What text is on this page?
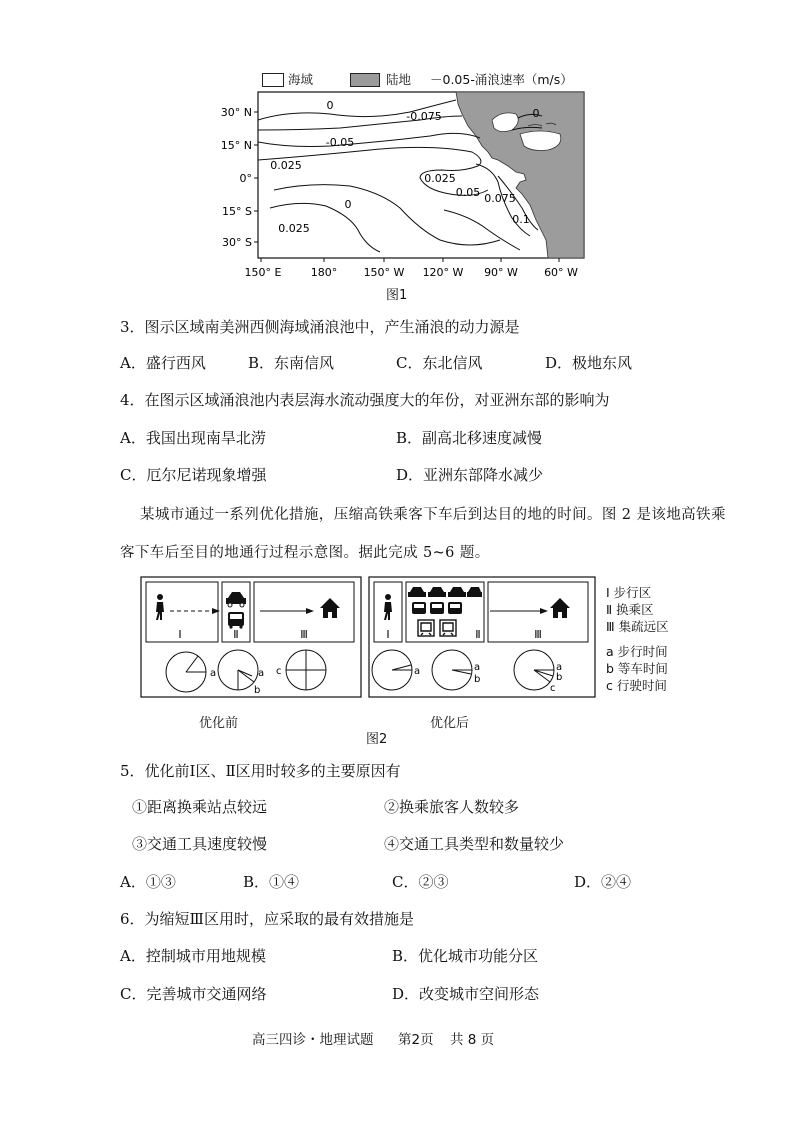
海域	陆地 －0.05-涌浪速率（m/s）
0
-0.075	0
-0.05
0.025
0.025
0.05
0	0.075
0.1
0.025
30° N
15° N
0°
15° S
30° S
150° E	180° 150° W 120° W 90° W 60° W
图1
3．图示区域南美洲西侧海域涌浪池中，产生涌浪的动力源是
A．盛行西风	B．东南信风	C．东北信风	D．极地东风
4．在图示区域涌浪池内表层海水流动强度大的年份，对亚洲东部的影响为
A．我国出现南旱北涝	B．副高北移速度减慢
C．厄尔尼诺现象增强	D．亚洲东部降水减少
某城市通过一系列优化措施，压缩高铁乘客下车后到达目的地的时间。图 2 是该地高铁乘
客下车后至目的地通行过程示意图。据此完成 5~6 题。
Ⅰ	Ⅱ	Ⅲ
a	a
b
c
Ⅰ	Ⅱ	Ⅲ
a	a
b
a
b
c
Ⅰ 步行区
Ⅱ 换乘区
Ⅲ 集疏远区
a 步行时间
b 等车时间
c 行驶时间
优化前	优化后
图2
5．优化前Ⅰ区、Ⅱ区用时较多的主要原因有
①距离换乘站点较远	②换乘旅客人数较多
③交通工具速度较慢	④交通工具类型和数量较少
A．①③	B．①④	C．②③	D．②④
6．为缩短Ⅲ区用时，应采取的最有效措施是
A．控制城市用地规模	B．优化城市功能分区
C．完善城市交通网络	D．改变城市空间形态
高三四诊・地理试题 第2页 共 8 页
